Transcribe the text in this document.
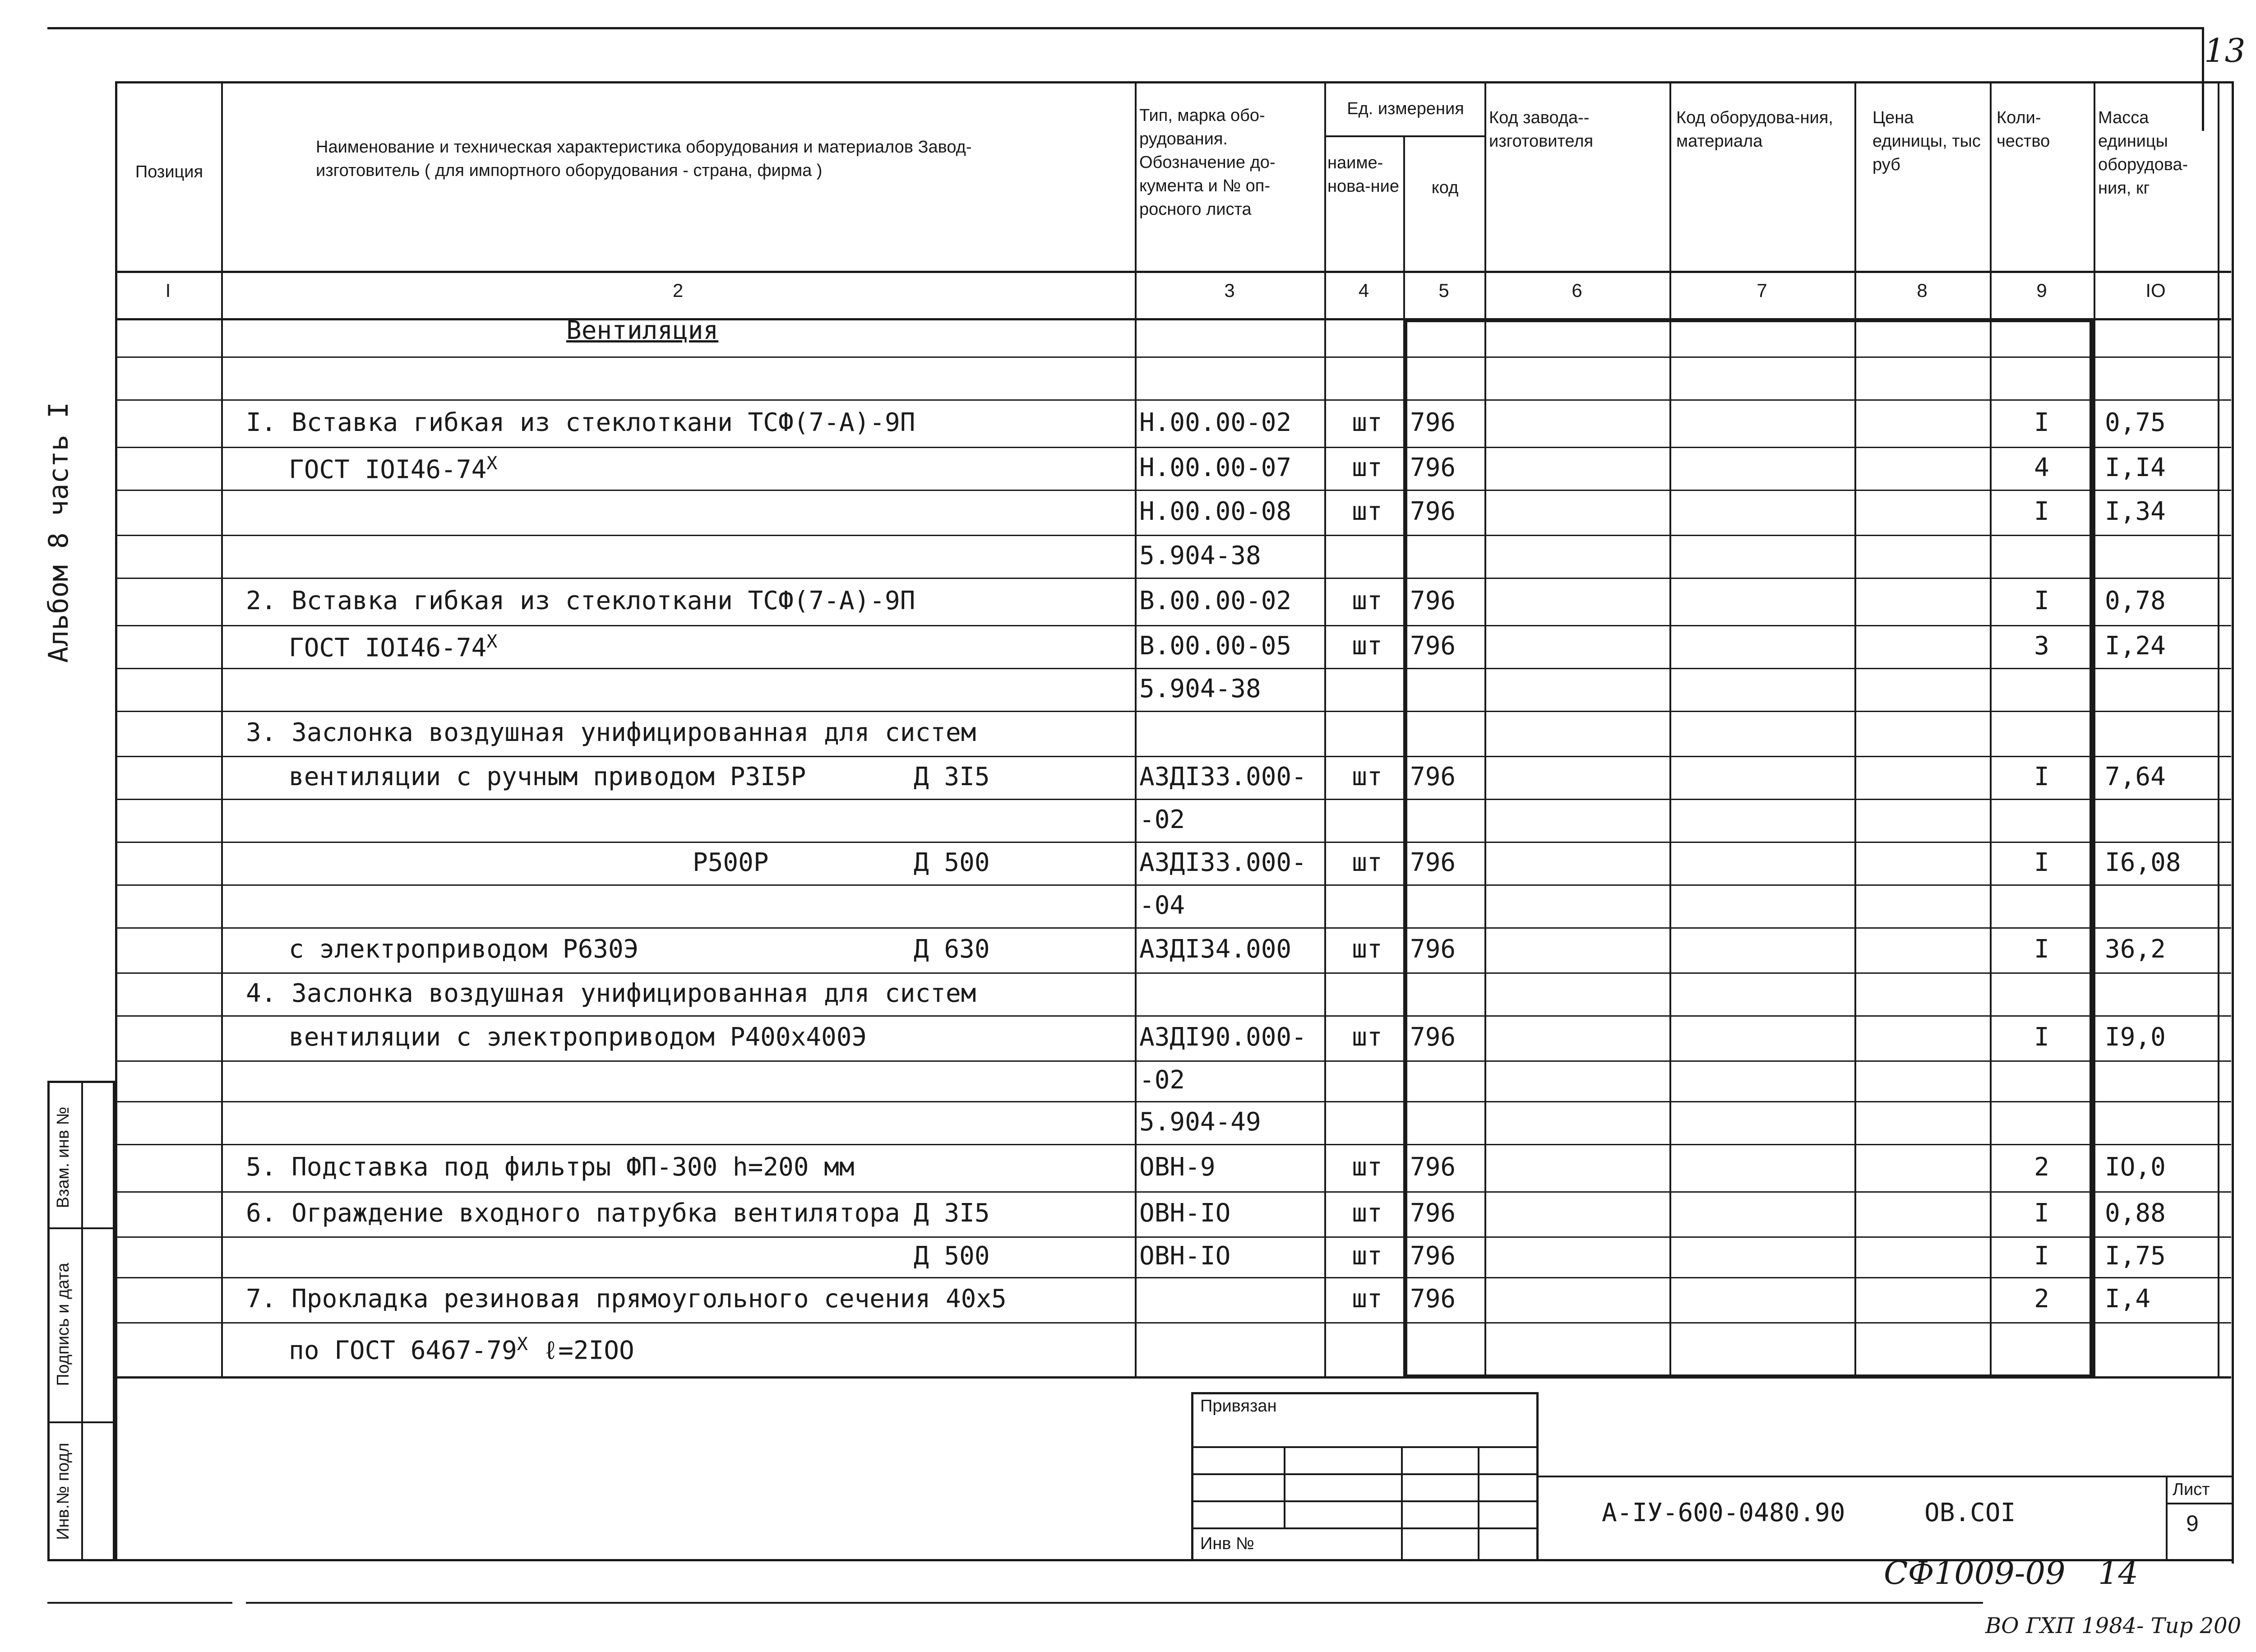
13
Альбом 8 часть I
Позиция
Наименование и техническая характеристика оборудования и материалов Завод-изготовитель ( для импортного оборудования - страна, фирма )
Тип, марка обо-рудования. Обозначение до-кумента и № оп-росного листа
Ед. измерения
наиме-нова-ние	код
Код завода--изготовителя
Код оборудова-ния, материала
Цена единицы, тыс руб
Коли-чество
Масса единицы оборудова-ния, кг
I	2	3	4	5	6	7	8	9	IO
Вентиляция
I. Вставка гибкая из стеклоткани ТСФ(7-А)-9П	Н.00.00-02	шт	796	I	0,75
ГОСТ $IOI46-74^X$	Н.00.00-07	шт	796	4	I,I4
Н.00.00-08	шт	796	I	I,34
5.904-38
2. Вставка гибкая из стеклоткани ТСФ(7-А)-9П	В.00.00-02	шт	796	I	0,78
ГОСТ $IOI46-74^X$	В.00.00-05	шт	796	3	I,24
5.904-38
3. Заслонка воздушная унифицированная для систем
вентиляции с ручным приводом Р3I5Р	Д 3I5	АЗДI33.000-	шт	796	I	7,64
-02
Р500Р	Д 500	АЗДI33.000-	шт	796	I	I6,08
-04
с электроприводом Р630Э	Д 630	АЗДI34.000	шт	796	I	36,2
4. Заслонка воздушная унифицированная для систем
вентиляции с электроприводом Р400х400Э	АЗДI90.000-	шт	796	I	I9,0
-02
5.904-49
5. Подставка под фильтры ФП-300 h=200 мм	ОВН-9	шт	796	2	IO,0
6. Ограждение входного патрубка вентилятора Д 3I5	ОВН-IO	шт	796	I	0,88
Д 500	ОВН-IO	шт	796	I	I,75
7. Прокладка резиновая прямоугольного сечения 40х5	шт	796	2	I,4
по ГОСТ $6467-79^X$ ℓ=2IOO
Взам. инв №
Подпись и дата
Инв.№ подл
Привязан
Инв №
А-IУ-600-0480.90	ОВ.СОI
Лист
9
СФ1009-09 14
ВО ГХП 1984- Тир 200
